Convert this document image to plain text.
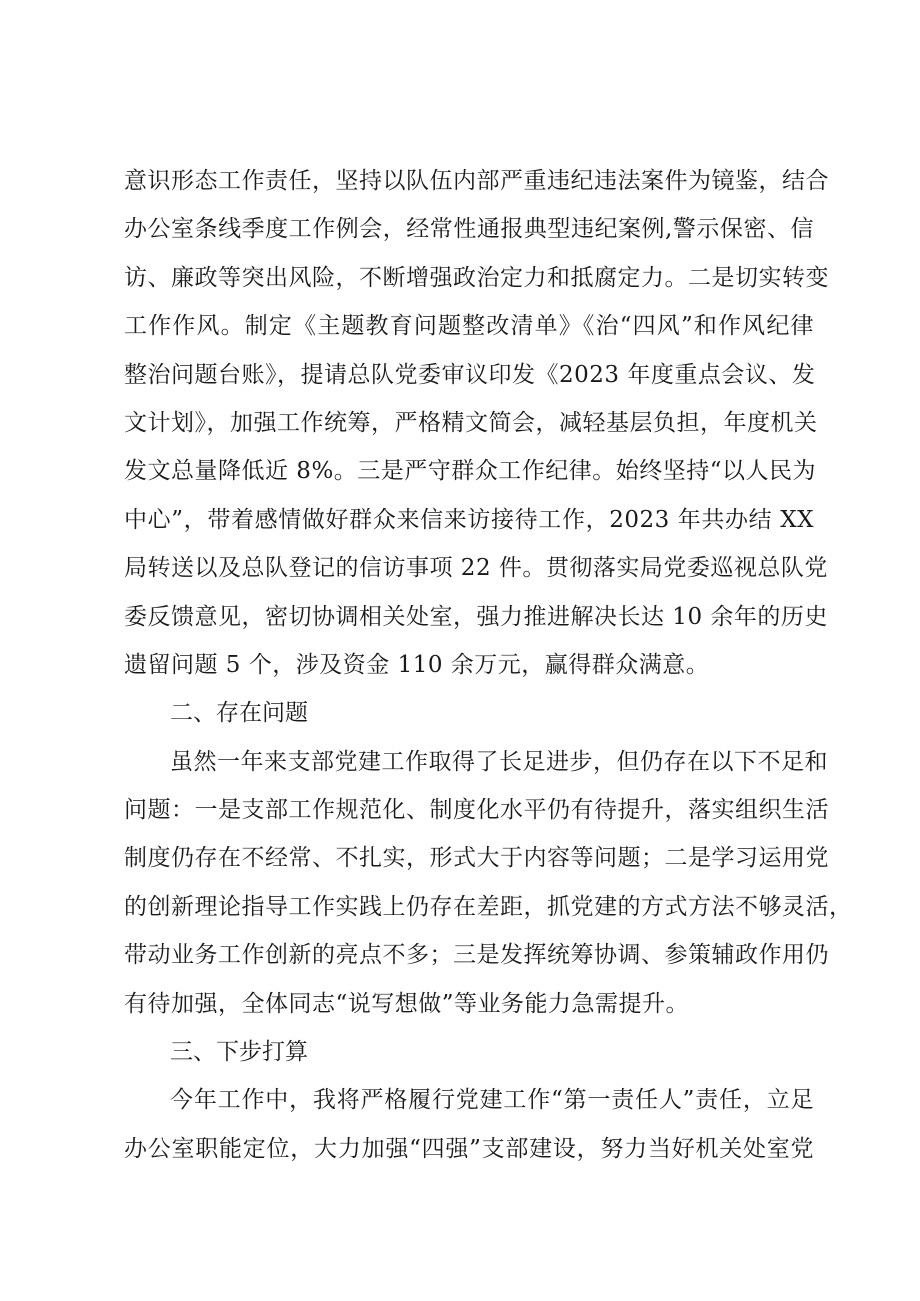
意识形态工作责任，坚持以队伍内部严重违纪违法案件为镜鉴，结合
办公室条线季度工作例会，经常性通报典型违纪案例,警示保密、信
访、廉政等突出风险，不断增强政治定力和抵腐定力。二是切实转变
工作作风。制定《主题教育问题整改清单》《治“四风”和作风纪律
整治问题台账》，提请总队党委审议印发《2023 年度重点会议、发
文计划》，加强工作统筹，严格精文简会，减轻基层负担，年度机关
发文总量降低近 8%。三是严守群众工作纪律。始终坚持“以人民为
中心”，带着感情做好群众来信来访接待工作，2023 年共办结 XX
局转送以及总队登记的信访事项 22 件。贯彻落实局党委巡视总队党
委反馈意见，密切协调相关处室，强力推进解决长达 10 余年的历史
遗留问题 5 个，涉及资金 110 余万元，赢得群众满意。
二、存在问题
虽然一年来支部党建工作取得了长足进步，但仍存在以下不足和
问题：一是支部工作规范化、制度化水平仍有待提升，落实组织生活
制度仍存在不经常、不扎实，形式大于内容等问题；二是学习运用党
的创新理论指导工作实践上仍存在差距，抓党建的方式方法不够灵活，
带动业务工作创新的亮点不多；三是发挥统筹协调、参策辅政作用仍
有待加强，全体同志“说写想做”等业务能力急需提升。
三、下步打算
今年工作中，我将严格履行党建工作“第一责任人”责任，立足
办公室职能定位，大力加强“四强”支部建设，努力当好机关处室党
